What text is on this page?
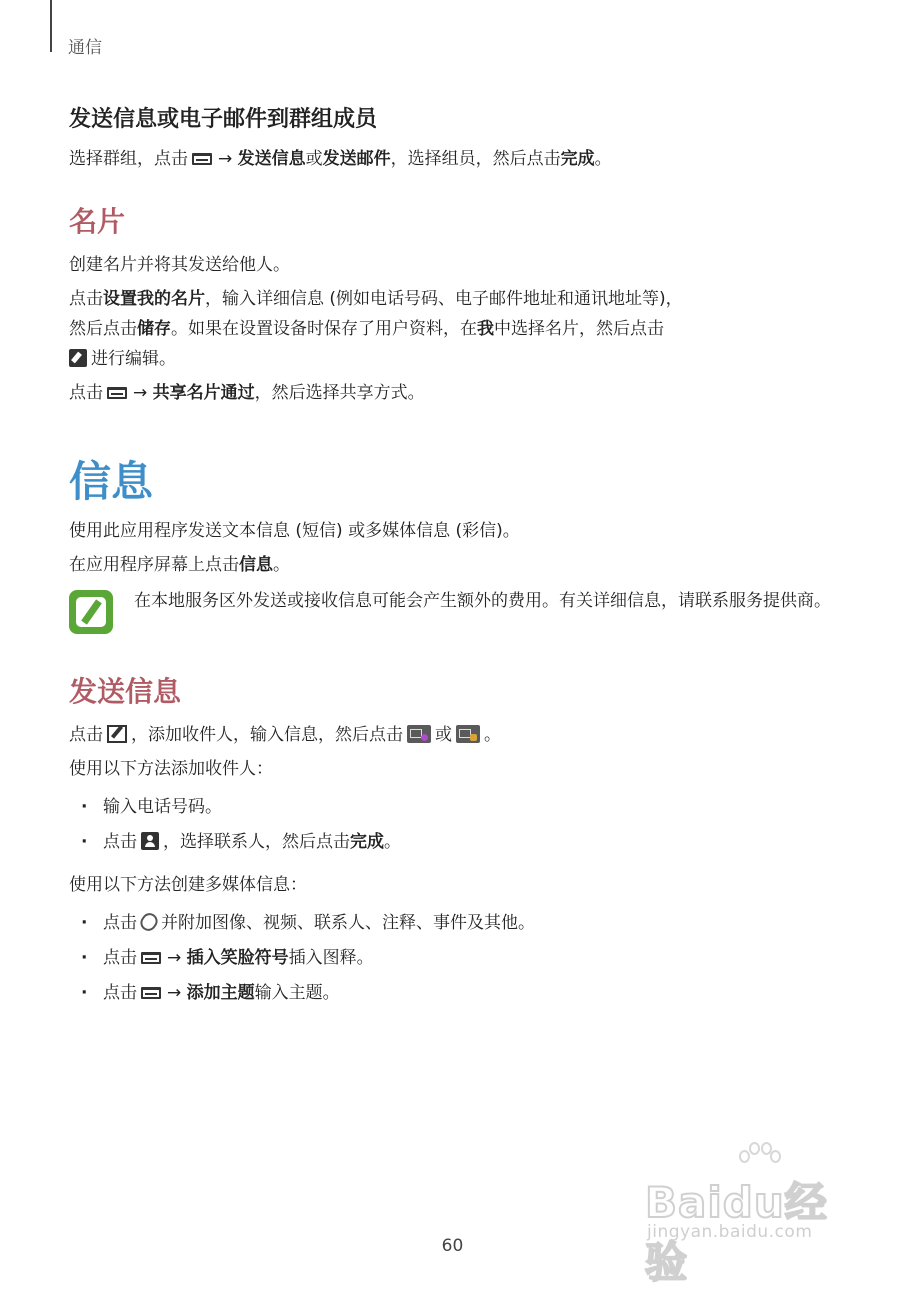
通信
发送信息或电子邮件到群组成员

选择群组，点击 → 发送信息或发送邮件，选择组员，然后点击完成。

名片

创建名片并将其发送给他人。

点击设置我的名片，输入详细信息 (例如电话号码、电子邮件地址和通讯地址等)，
然后点击储存。如果在设置设备时保存了用户资料，在我中选择名片，然后点击
进行编辑。

点击 → 共享名片通过，然后选择共享方式。

信息

使用此应用程序发送文本信息 (短信) 或多媒体信息 (彩信)。

在应用程序屏幕上点击信息。

在本地服务区外发送或接收信息可能会产生额外的费用。有关详细信息，请联系服务提供商。
发送信息

点击 ，添加收件人，输入信息，然后点击 或 。

使用以下方法添加收件人：

· 输入电话号码。
· 点击 ，选择联系人，然后点击完成。

使用以下方法创建多媒体信息：

· 点击 并附加图像、视频、联系人、注释、事件及其他。
· 点击 → 插入笑脸符号插入图释。
· 点击 → 添加主题输入主题。
Baidu经验
jingyan.baidu.com
60
